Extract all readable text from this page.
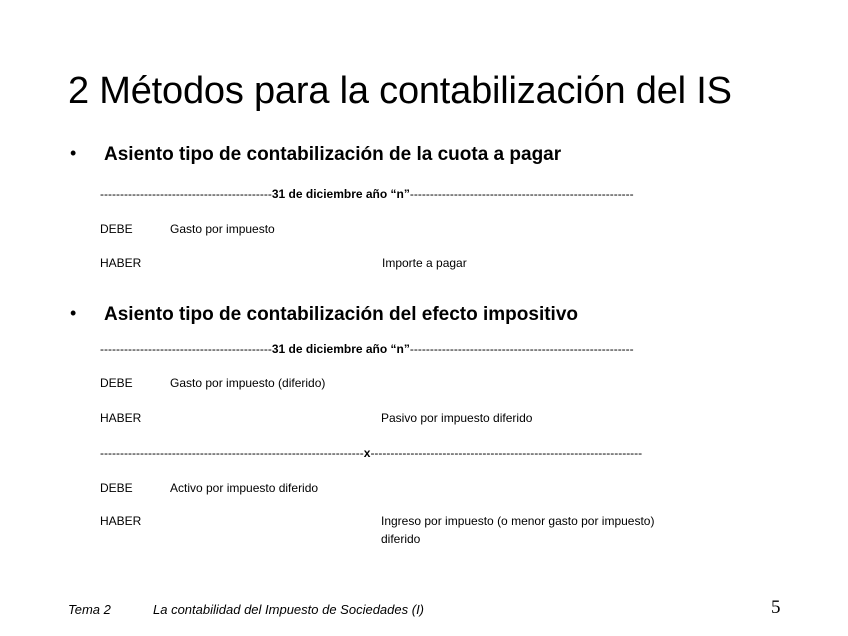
2 Métodos para la contabilización del IS
• Asiento tipo de contabilización de la cuota a pagar
-------------------------------------------31 de diciembre año “n”--------------------------------------------------------
DEBE	Gasto por impuesto
HABER	Importe a pagar
• Asiento tipo de contabilización del efecto impositivo
-------------------------------------------31 de diciembre año “n”--------------------------------------------------------
DEBE	Gasto por impuesto (diferido)
HABER	Pasivo por impuesto diferido
------------------------------------------------------------------x--------------------------------------------------------------------
DEBE	Activo por impuesto diferido
HABER	Ingreso por impuesto (o menor gasto por impuesto)
diferido
Tema 2	La contabilidad del Impuesto de Sociedades (I)	5
